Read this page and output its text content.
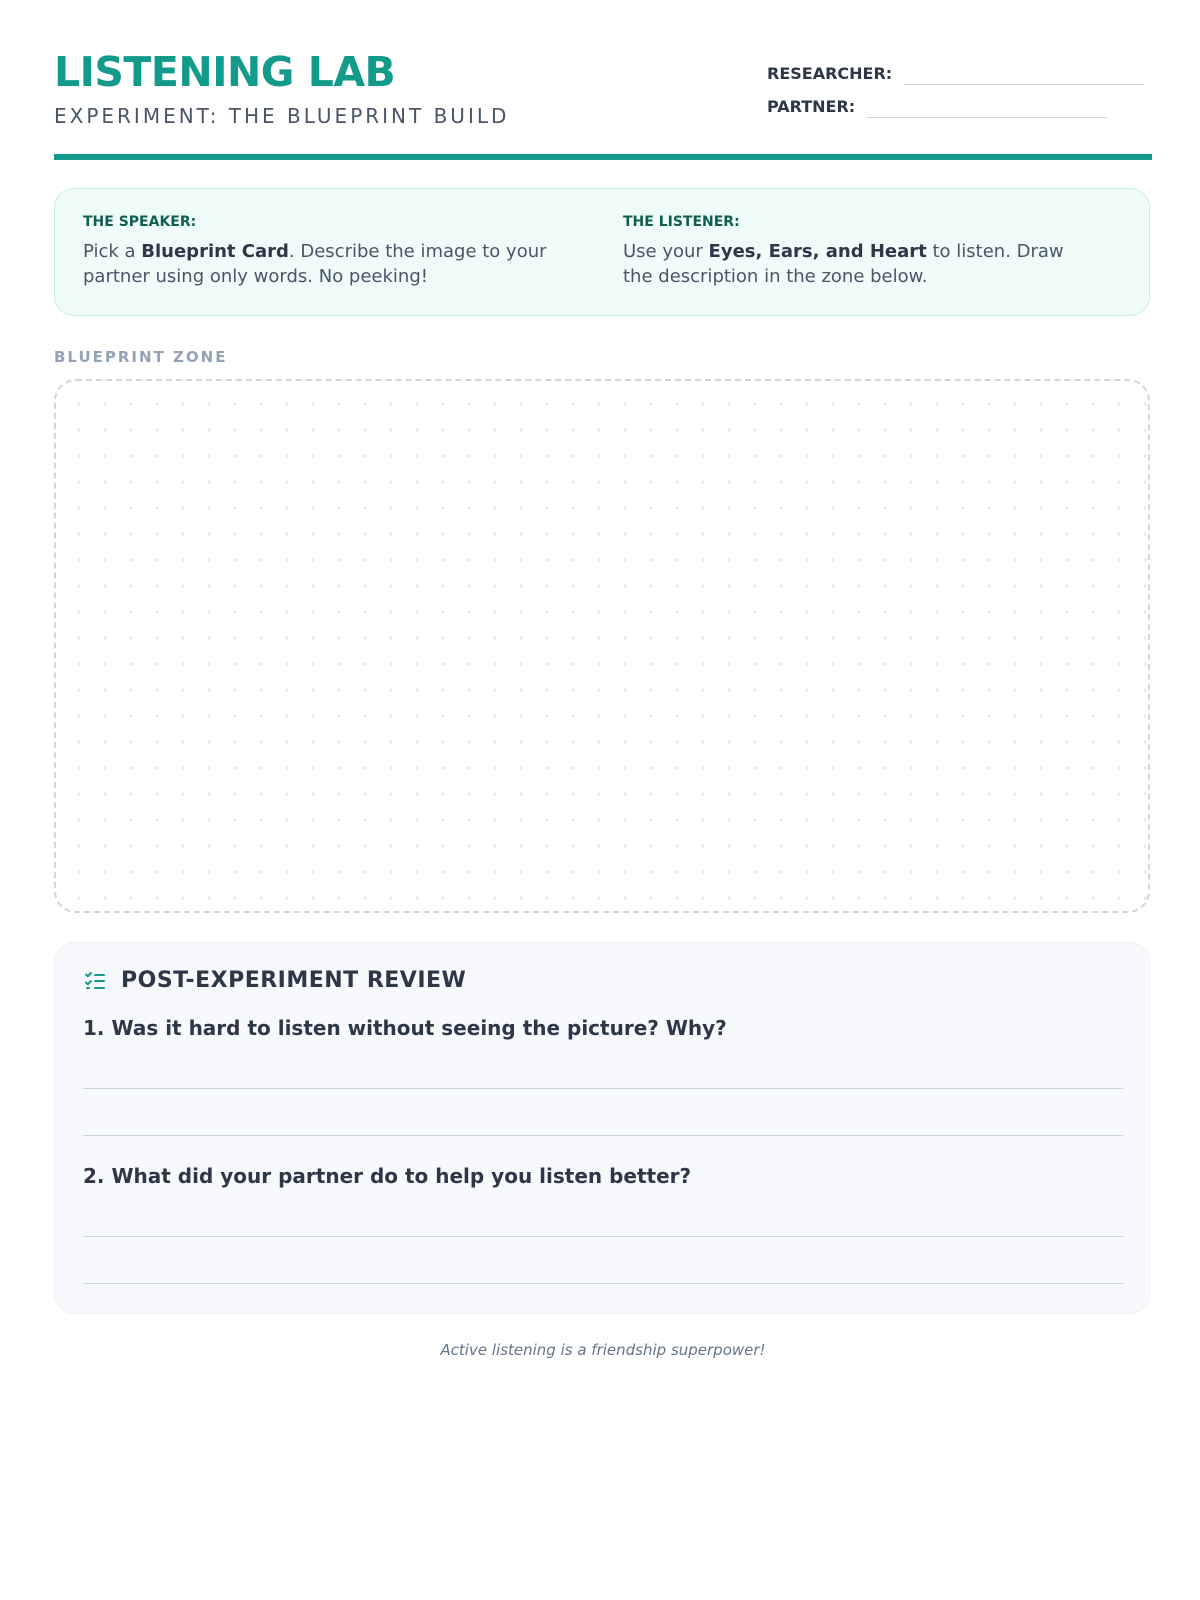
LISTENING LAB
EXPERIMENT: THE BLUEPRINT BUILD
RESEARCHER:
PARTNER:
THE SPEAKER:
Pick a Blueprint Card. Describe the image to your partner using only words. No peeking!
THE LISTENER:
Use your Eyes, Ears, and Heart to listen. Draw the description in the zone below.
BLUEPRINT ZONE
POST-EXPERIMENT REVIEW
1. Was it hard to listen without seeing the picture? Why?
2. What did your partner do to help you listen better?
Active listening is a friendship superpower!
